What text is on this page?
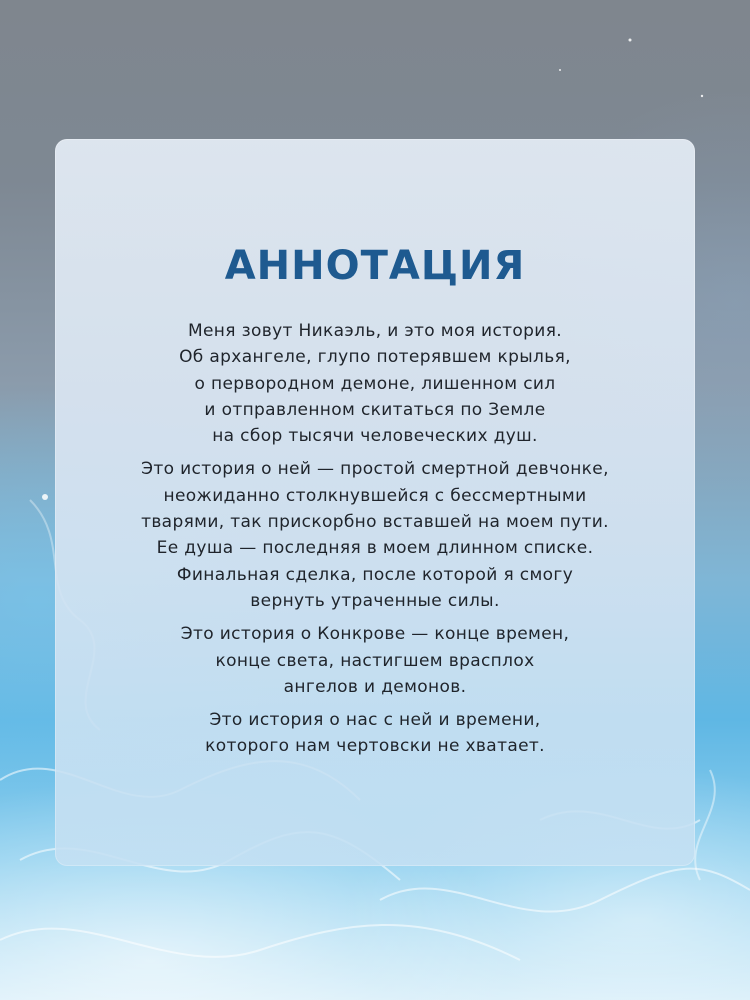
АННОТАЦИЯ

Меня зовут Никаэль, и это моя история.
Об архангеле, глупо потерявшем крылья,
о первородном демоне, лишенном сил
и отправленном скитаться по Земле
на сбор тысячи человеческих душ.

Это история о ней — простой смертной девчонке,
неожиданно столкнувшейся с бессмертными
тварями, так прискорбно вставшей на моем пути.
Ее душа — последняя в моем длинном списке.
Финальная сделка, после которой я смогу
вернуть утраченные силы.

Это история о Конкрове — конце времен,
конце света, настигшем врасплох
ангелов и демонов.

Это история о нас с ней и времени,
которого нам чертовски не хватает.
